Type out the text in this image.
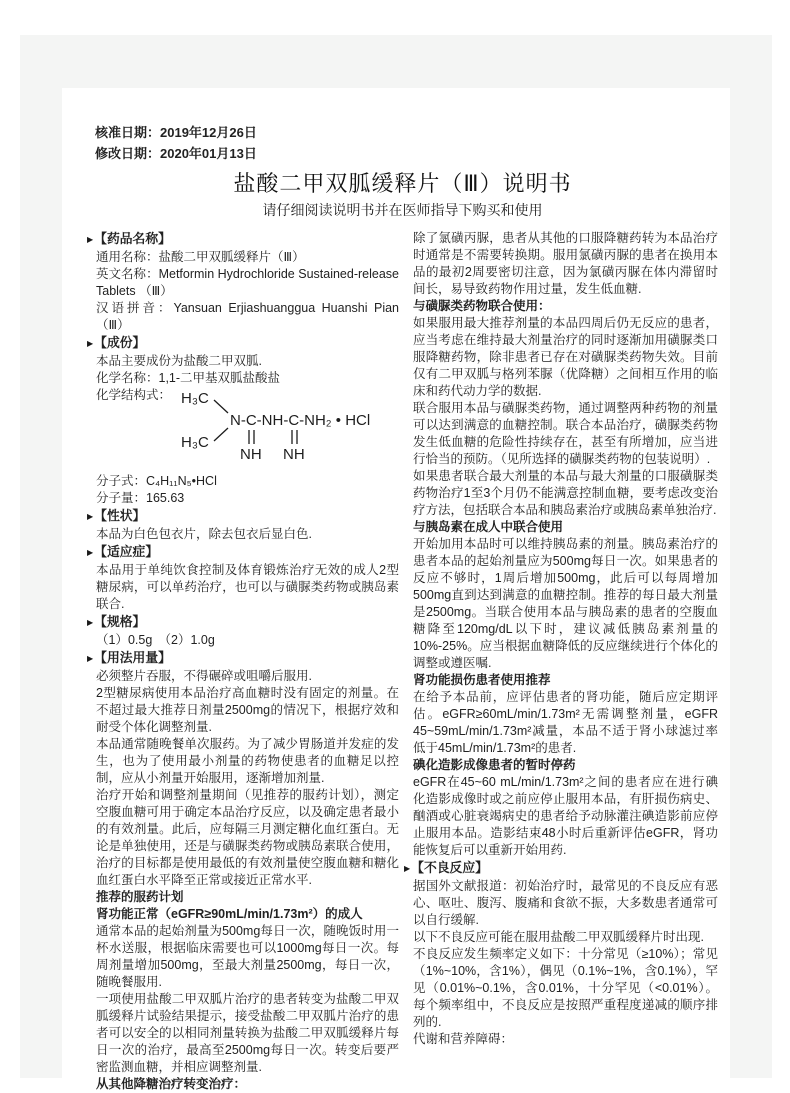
核准日期：2019年12月26日
修改日期：2020年01月13日
盐酸二甲双胍缓释片（Ⅲ）说明书
请仔细阅读说明书并在医师指导下购买和使用
▶【药品名称】

通用名称：盐酸二甲双胍缓释片（Ⅲ）

英文名称：Metformin Hydrochloride Sustained-release Tablets （Ⅲ）

汉语拼音：Yansuan Erjiashuanggua Huanshi Pian （Ⅲ）

▶【成份】

本品主要成份为盐酸二甲双胍.

化学名称：1,1-二甲基双胍盐酸盐

化学结构式： H₃C
H₃C
N-C-NH-C-NH₂ • HCl
NH NH

分子式：C₄H₁₁N₅•HCl

分子量：165.63

▶【性状】

本品为白色包衣片，除去包衣后显白色.

▶【适应症】

本品用于单纯饮食控制及体育锻炼治疗无效的成人2型糖尿病，可以单药治疗，也可以与磺脲类药物或胰岛素联合.

▶【规格】

（1）0.5g　（2）1.0g

▶【用法用量】

必须整片吞服，不得碾碎或咀嚼后服用.

2型糖尿病使用本品治疗高血糖时没有固定的剂量。在不超过最大推荐日剂量2500mg的情况下，根据疗效和耐受个体化调整剂量.

本品通常随晚餐单次服药。为了减少胃肠道并发症的发生，也为了使用最小剂量的药物使患者的血糖足以控制，应从小剂量开始服用，逐渐增加剂量.

治疗开始和调整剂量期间（见推荐的服药计划），测定空腹血糖可用于确定本品治疗反应，以及确定患者最小的有效剂量。此后，应每隔三月测定糖化血红蛋白。无论是单独使用，还是与磺脲类药物或胰岛素联合使用，治疗的目标都是使用最低的有效剂量使空腹血糖和糖化血红蛋白水平降至正常或接近正常水平.

推荐的服药计划

肾功能正常（eGFR≥90mL/min/1.73m²）的成人

通常本品的起始剂量为500mg每日一次，随晚饭时用一杯水送服，根据临床需要也可以1000mg每日一次。每周剂量增加500mg，至最大剂量2500mg，每日一次，随晚餐服用.

一项使用盐酸二甲双胍片治疗的患者转变为盐酸二甲双胍缓释片试验结果提示，接受盐酸二甲双胍片治疗的患者可以安全的以相同剂量转换为盐酸二甲双胍缓释片每日一次的治疗，最高至2500mg每日一次。转变后要严密监测血糖，并相应调整剂量.

从其他降糖治疗转变治疗：

除了氯磺丙脲，患者从其他的口服降糖药转为本品治疗时通常是不需要转换期。服用氯磺丙脲的患者在换用本品的最初2周要密切注意，因为氯磺丙脲在体内滞留时间长，易导致药物作用过量，发生低血糖.

与磺脲类药物联合使用：

如果服用最大推荐剂量的本品四周后仍无反应的患者，应当考虑在维持最大剂量治疗的同时逐渐加用磺脲类口服降糖药物，除非患者已存在对磺脲类药物失效。目前仅有二甲双胍与格列苯脲（优降糖）之间相互作用的临床和药代动力学的数据.

联合服用本品与磺脲类药物，通过调整两种药物的剂量可以达到满意的血糖控制。联合本品治疗，磺脲类药物发生低血糖的危险性持续存在，甚至有所增加，应当进行恰当的预防。（见所选择的磺脲类药物的包装说明）.

如果患者联合最大剂量的本品与最大剂量的口服磺脲类药物治疗1至3个月仍不能满意控制血糖，要考虑改变治疗方法，包括联合本品和胰岛素治疗或胰岛素单独治疗.

与胰岛素在成人中联合使用

开始加用本品时可以维持胰岛素的剂量。胰岛素治疗的患者本品的起始剂量应为500mg每日一次。如果患者的反应不够时，1周后增加500mg，此后可以每周增加500mg直到达到满意的血糖控制。推荐的每日最大剂量是2500mg。当联合使用本品与胰岛素的患者的空腹血糖降至120mg/dL以下时，建议减低胰岛素剂量的10%-25%。应当根据血糖降低的反应继续进行个体化的调整或遵医嘱.

肾功能损伤患者使用推荐

在给予本品前，应评估患者的肾功能，随后应定期评估。eGFR≥60mL/min/1.73m²无需调整剂量，eGFR 45~59mL/min/1.73m²减量，本品不适于肾小球滤过率低于45mL/min/1.73m²的患者.

碘化造影成像患者的暂时停药

eGFR在45~60 mL/min/1.73m²之间的患者应在进行碘化造影成像时或之前应停止服用本品，有肝损伤病史、酗酒或心脏衰竭病史的患者给予动脉灌注碘造影前应停止服用本品。造影结束48小时后重新评估eGFR，肾功能恢复后可以重新开始用药.

▶【不良反应】

据国外文献报道：初始治疗时，最常见的不良反应有恶心、呕吐、腹泻、腹痛和食欲不振，大多数患者通常可以自行缓解.

以下不良反应可能在服用盐酸二甲双胍缓释片时出现.

不良反应发生频率定义如下：十分常见（≥10%）；常见（1%~10%，含1%），偶见（0.1%~1%，含0.1%），罕见（0.01%~0.1%，含0.01%，十分罕见（<0.01%）。每个频率组中，不良反应是按照严重程度递减的顺序排列的.

代谢和营养障碍：
